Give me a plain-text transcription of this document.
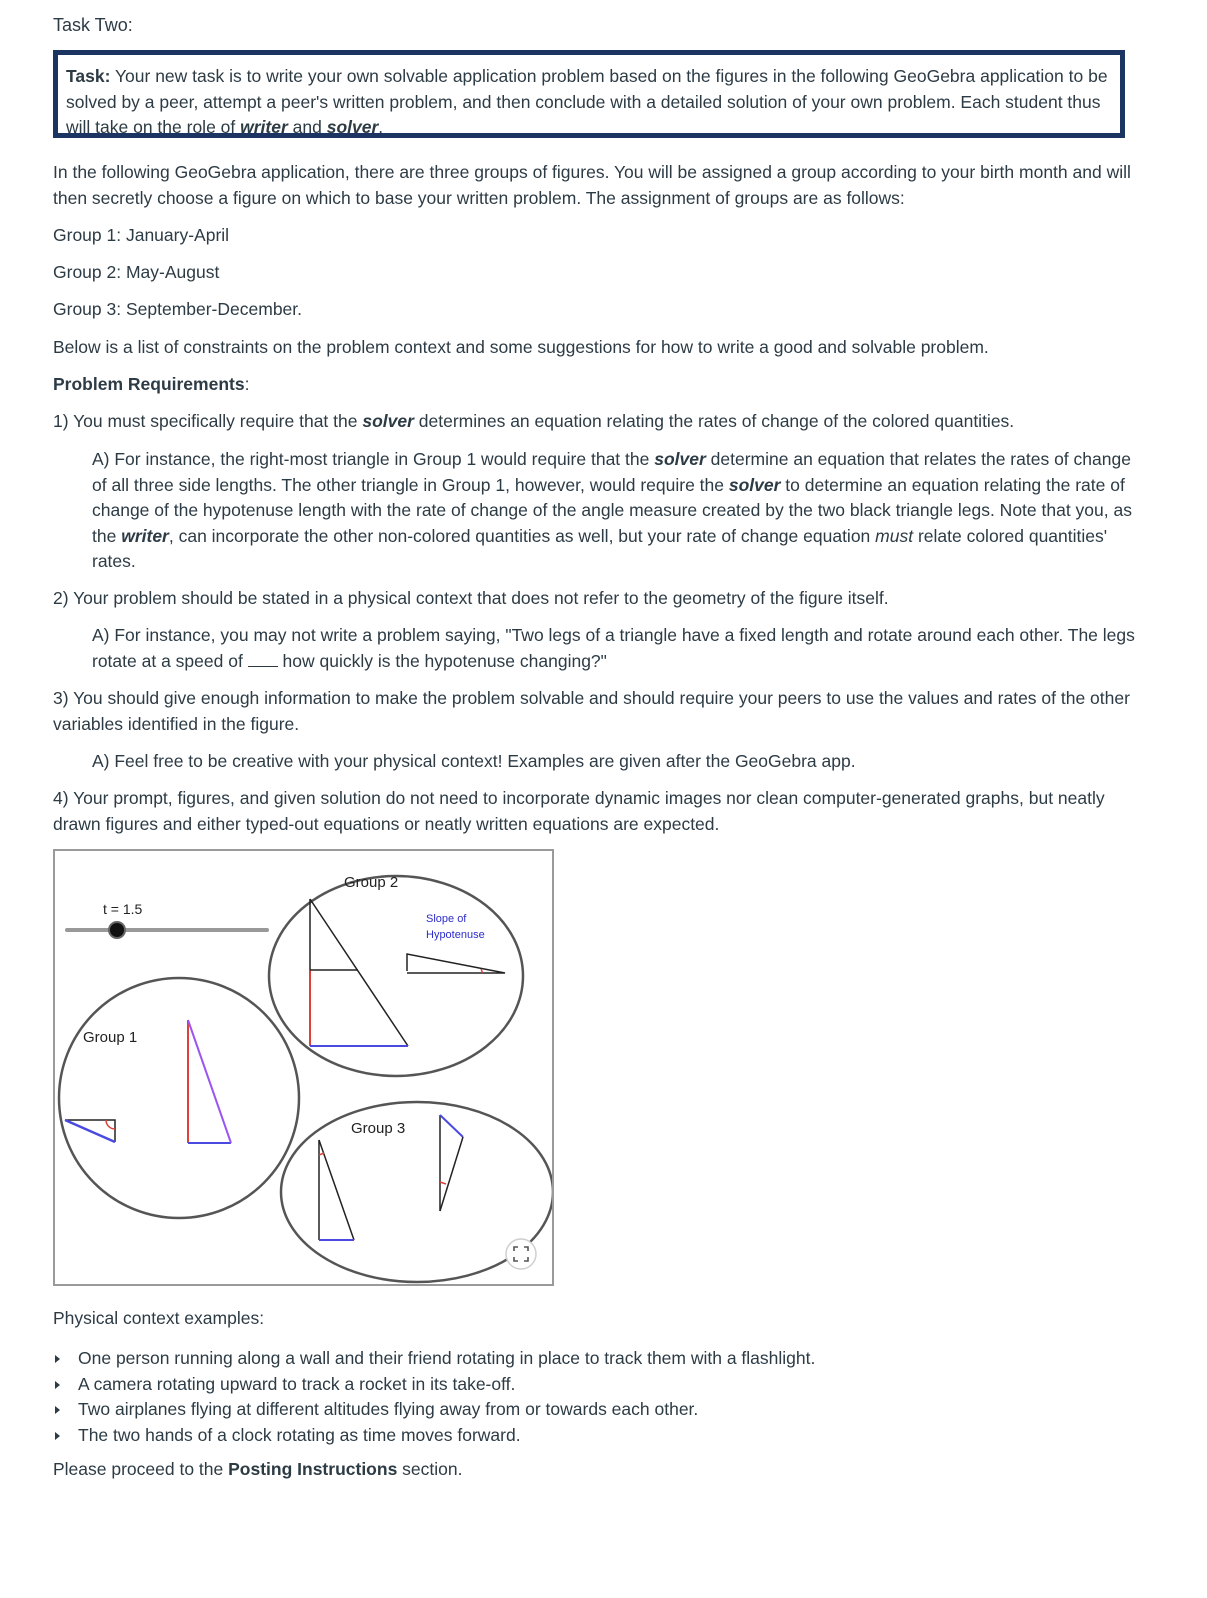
Task Two:
Task: Your new task is to write your own solvable application problem based on the figures in the following GeoGebra application to be solved by a peer, attempt a peer's written problem, and then conclude with a detailed solution of your own problem. Each student thus will take on the role of writer and solver.
In the following GeoGebra application, there are three groups of figures. You will be assigned a group according to your birth month and will then secretly choose a figure on which to base your written problem. The assignment of groups are as follows:
Group 1: January-April
Group 2: May-August
Group 3: September-December.
Below is a list of constraints on the problem context and some suggestions for how to write a good and solvable problem.
Problem Requirements:
1) You must specifically require that the solver determines an equation relating the rates of change of the colored quantities.
A) For instance, the right-most triangle in Group 1 would require that the solver determine an equation that relates the rates of change of all three side lengths. The other triangle in Group 1, however, would require the solver to determine an equation relating the rate of change of the hypotenuse length with the rate of change of the angle measure created by the two black triangle legs. Note that you, as the writer, can incorporate the other non-colored quantities as well, but your rate of change equation must relate colored quantities' rates.
2) Your problem should be stated in a physical context that does not refer to the geometry of the figure itself.
A) For instance, you may not write a problem saying, "Two legs of a triangle have a fixed length and rotate around each other. The legs rotate at a speed of  how quickly is the hypotenuse changing?"
3) You should give enough information to make the problem solvable and should require your peers to use the values and rates of the other variables identified in the figure.
A) Feel free to be creative with your physical context! Examples are given after the GeoGebra app.
4) Your prompt, figures, and given solution do not need to incorporate dynamic images nor clean computer-generated graphs, but neatly drawn figures and either typed-out equations or neatly written equations are expected.
t = 1.5
Group 1
Group 2
Slope of
Hypotenuse
Group 3
Physical context examples:
One person running along a wall and their friend rotating in place to track them with a flashlight.
A camera rotating upward to track a rocket in its take-off.
Two airplanes flying at different altitudes flying away from or towards each other.
The two hands of a clock rotating as time moves forward.
Please proceed to the Posting Instructions section.
